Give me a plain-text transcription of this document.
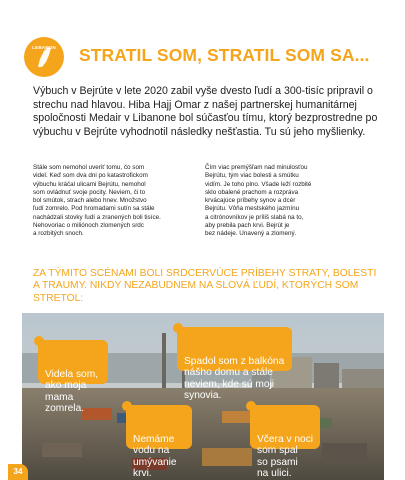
LEBANON	STRATIL SOM, STRATIL SOM SA...
Výbuch v Bejrúte v lete 2020 zabil vyše dvesto ľudí a 300-tisíc pripravil o strechu nad hlavou. Hiba Hajj Omar z našej partnerskej humanitárnej spoločnosti Medair v Libanone bol súčasťou tímu, ktorý bezprostredne po výbuchu v Bejrúte vyhodnotil následky nešťastia. Tu sú jeho myšlienky.
Stále som nemohol uveriť tomu, čo som
videl. Keď som dva dni po katastrofickom
výbuchu kráčal ulicami Bejrútu, nemohol
som ovládnuť svoje pocity. Neviem, či to
bol smútok, strach alebo hnev. Množstvo
ľudí zomrelo. Pod hromadami sutín sa stále
nachádzali stovky ľudí a zranených boli tisíce.
Nehovoriac o miliónoch zlomených srdc
a rozbitých snoch.
Čím viac premýšľam nad minulosťou
Bejrútu, tým viac bolesti a smútku
vidím. Je toho plno. Všade leží rozbité
sklo obalené prachom a rozpráva
krvácajúce príbehy synov a dcér
Bejrútu. Vôňa mestského jazmínu
a citrónovníkov je príliš slabá na to,
aby prebila pach krvi. Bejrút je
bez nádeje. Unavený a zlomený.
ZA TÝMITO SCÉNAMI BOLI SRDCERVÚCE PRÍBEHY STRATY, BOLESTI A TRAUMY. NIKDY NEZABUDNEM NA SLOVÁ ĽUDÍ, KTORÝCH SOM STRETOL:

Videla som,
ako moja
mama
zomrela.

Spadol som z balkóna
nášho domu a stále
neviem, kde sú moji
synovia.

Nemáme
vodu na
umývanie
krvi.

Včera v noci
som spal
so psami
na ulici.

34
